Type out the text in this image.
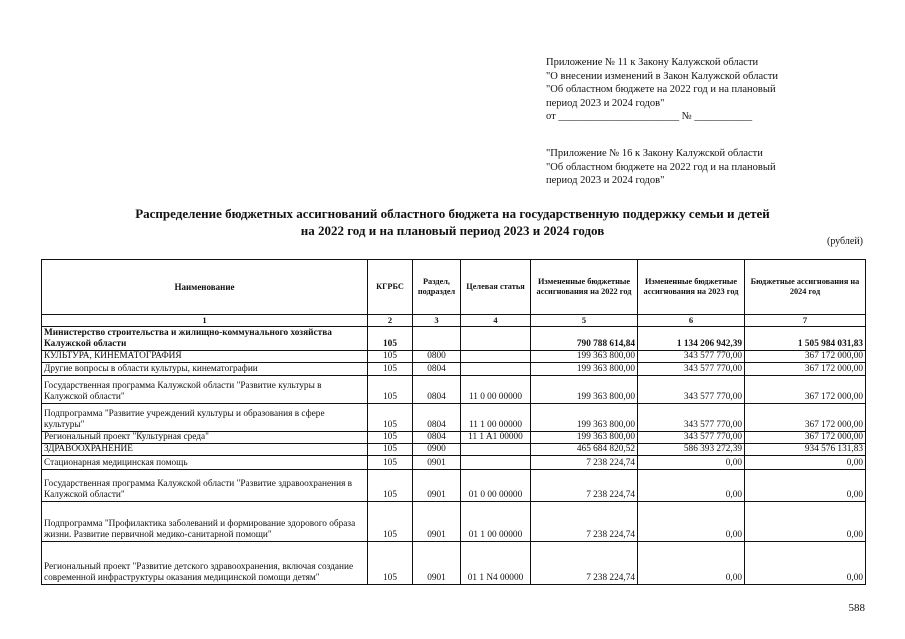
Приложение № 11 к Закону Калужской области
"О внесении изменений в Закон Калужской области
"Об областном бюджете на 2022 год и на плановый
период 2023 и 2024 годов"
от _______________________ № ___________
"Приложение № 16 к Закону Калужской области
"Об областном бюджете на 2022 год и на плановый
период 2023 и 2024 годов"
Распределение бюджетных ассигнований областного бюджета на государственную поддержку семьи и детей
на 2022 год и на плановый период 2023 и 2024 годов
(рублей)
Наименование	КГРБС	Раздел, подраздел	Целевая статья	Измененные бюджетные ассигнования на 2022 год	Измененные бюджетные ассигнования на 2023 год	Бюджетные ассигнования на 2024 год
1	2	3	4	5	6	7
Министерство строительства и жилищно-коммунального хозяйства Калужской области	105			790 788 614,84	1 134 206 942,39	1 505 984 031,83
КУЛЬТУРА, КИНЕМАТОГРАФИЯ	105	0800		199 363 800,00	343 577 770,00	367 172 000,00
Другие вопросы в области культуры, кинематографии	105	0804		199 363 800,00	343 577 770,00	367 172 000,00
Государственная программа Калужской области "Развитие культуры в Калужской области"	105	0804	11 0 00 00000	199 363 800,00	343 577 770,00	367 172 000,00
Подпрограмма "Развитие учреждений культуры и образования в сфере культуры"	105	0804	11 1 00 00000	199 363 800,00	343 577 770,00	367 172 000,00
Региональный проект "Культурная среда"	105	0804	11 1 A1 00000	199 363 800,00	343 577 770,00	367 172 000,00
ЗДРАВООХРАНЕНИЕ	105	0900		465 684 820,52	586 393 272,39	934 576 131,83
Стационарная медицинская помощь	105	0901		7 238 224,74	0,00	0,00
Государственная программа Калужской области "Развитие здравоохранения в Калужской области"	105	0901	01 0 00 00000	7 238 224,74	0,00	0,00
Подпрограмма "Профилактика заболеваний и формирование здорового образа жизни. Развитие первичной медико-санитарной помощи"	105	0901	01 1 00 00000	7 238 224,74	0,00	0,00
Региональный проект "Развитие детского здравоохранения, включая создание современной инфраструктуры оказания медицинской помощи детям"	105	0901	01 1 N4 00000	7 238 224,74	0,00	0,00
588
